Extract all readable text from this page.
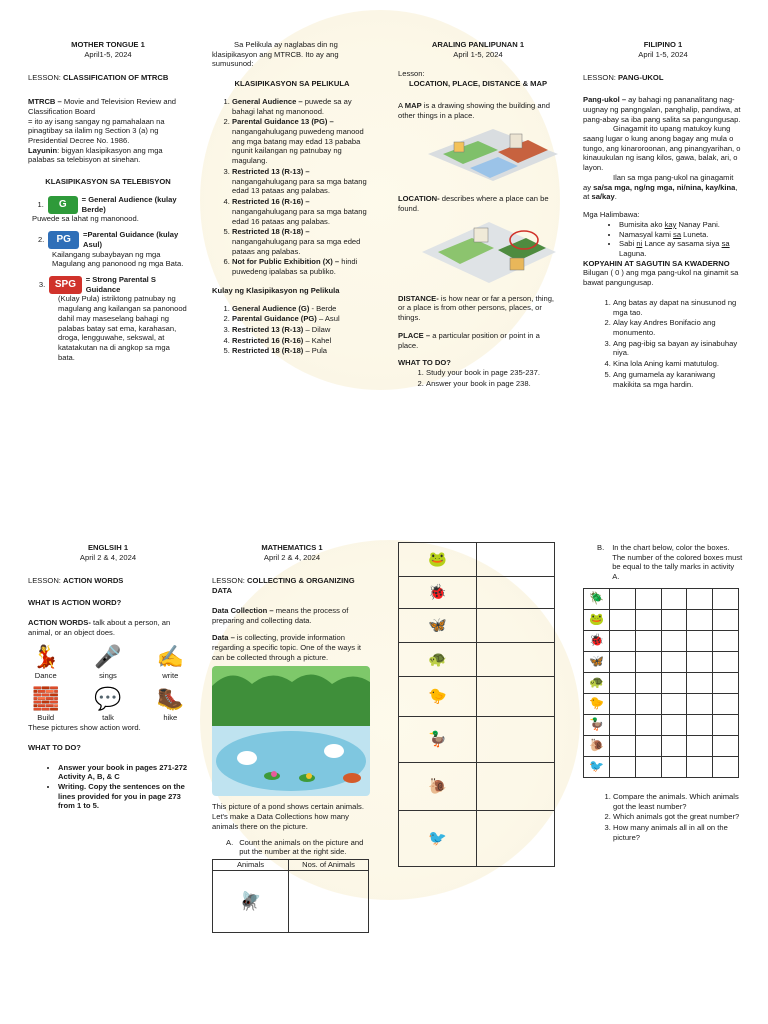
MOTHER TONGUE 1
April1-5, 2024
LESSON: CLASSIFICATION OF MTRCB
MTRCB – Movie and Television Review and Classification Board
= ito ay isang sangay ng pamahalaan na pinagtibay sa ilalim ng Section 3 (a) ng Presidential Decree No. 1986.
Layunin: bigyan klasipikasyon ang mga palabas sa telebisyon at sinehan.
KLASIPIKASYON SA TELEBISYON
1.	G	= General Audience (kulay Berde)
Puwede sa lahat ng manonood.
2.	PG	=Parental Guidance (kulay Asul)
Kailangang subaybayan ng mga Magulang ang panonood ng mga Bata.
3. SPG	= Strong Parental S Guidance
(Kulay Pula) istriktong patnubay ng magulang ang kailangan sa panonood dahil may maseselang bahagi ng palabas batay sat ema, karahasan, droga, lengguwahe, sekswal, at katatakutan na di angkop sa mga bata.
Sa Pelikula ay naglabas din ng klasipikasyon ang MTRCB. Ito ay ang sumusunod:
KLASIPIKASYON SA PELIKULA
1. General Audience – puwede sa ay bahagi lahat ng manonood.
2. Parental Guidance 13 (PG) – nangangahulugang puwedeng manood ang mga batang may edad 13 pababa ngunit kailangan ng patnubay ng magulang.
3. Restricted 13 (R-13) – nangangahulugang para sa mga batang edad 13 pataas ang palabas.
4. Restricted 16 (R-16) – nangangahulugang para sa mga batang edad 16 pataas ang palabas.
5. Restricted 18 (R-18) – nangangahulugang para sa mga eded pataas ang palabas.
6. Not for Public Exhibition (X) – hindi puwedeng ipalabas sa publiko.
Kulay ng Klasipikasyon ng Pelikula
1. General Audience (G) - Berde
2. Parental Guidance (PG) – Asul
3. Restricted 13 (R-13) – Dilaw
4. Restricted 16 (R-16) – Kahel
5. Restricted 18 (R-18) – Pula
ARALING PANLIPUNAN 1
April 1-5, 2024
Lesson:
LOCATION, PLACE, DISTANCE & MAP
A MAP is a drawing showing the building and other things in a place.
LOCATION- describes where a place can be found.
DISTANCE- is how near or far a person, thing, or a place is from other persons, places, or things.
PLACE – a particular position or point in a place.
WHAT TO DO?
1. Study your book in page 235-237.
2. Answer your book in page 238.
FILIPINO 1
April 1-5, 2024
LESSON: PANG-UKOL
Pang-ukol – ay bahagi ng pananalitang nag-uugnay ng pangngalan, panghalip, pandiwa, at pang-abay sa iba pang salita sa pangungusap.
Ginagamit ito upang matukoy kung saang lugar o kung anong bagay ang mula o tungo, ang kinaroroonan, ang pinangyarihan, o kinauukulan ng isang kilos, gawa, balak, ari, o layon.
Ilan sa mga pang-ukol na ginagamit ay sa/sa mga, ng/ng mga, ni/nina, kay/kina, at sa/kay.
Mga Halimbawa:
• Bumisita ako kay Nanay Pani.
• Namasyal kami sa Luneta.
• Sabi ni Lance ay sasama siya sa Laguna.
KOPYAHIN AT SAGUTIN SA KWADERNO
Bilugan ( 0 ) ang mga pang-ukol na ginamit sa bawat pangungusap.
1. Ang batas ay dapat na sinusunod ng mga tao.
2. Alay kay Andres Bonifacio ang monumento.
3. Ang pag-ibig sa bayan ay isinabuhay niya.
4. Kina lola Aning kami matutulog.
5. Ang gumamela ay karaniwang makikita sa mga hardin.
ENGLSIH 1
April 2 & 4, 2024
LESSON: ACTION WORDS
WHAT IS ACTION WORD?
ACTION WORDS- talk about a person, an animal, or an object does.
💃
Dance
🎤
sings
✍
write
🧱
Build
💬
talk
🥾
hike
These pictures show action word.
WHAT TO DO?
• Answer your book in pages 271-272 Activity A, B, & C
• Writing. Copy the sentences on the lines provided for you in page 273 from 1 to 5.
MATHEMATICS 1
April 2 & 4, 2024
LESSON: COLLECTING & ORGANIZING DATA
Data Collection – means the process of preparing and collecting data.
Data – is collecting, provide information regarding a specific topic. One of the ways it can be collected through a picture.
This picture of a pond shows certain animals. Let's make a Data Collections how many animals there on the picture.
A. Count the animals on the picture and put the number at the right side.
Animals	Nos. of Animals
🪰	
🐸	
🐞	
🦋	
🐢	
🐤	
🦆	
🐌	
🐦	
B. In the chart below, color the boxes. The number of the colored boxes must be equal to the tally marks in activity A.
🪲					
🐸					
🐞					
🦋					
🐢					
🐤					
🦆					
🐌					
🐦					
1. Compare the animals. Which animals got the least number?
2. Which animals got the great number?
3. How many animals all in all on the picture?
